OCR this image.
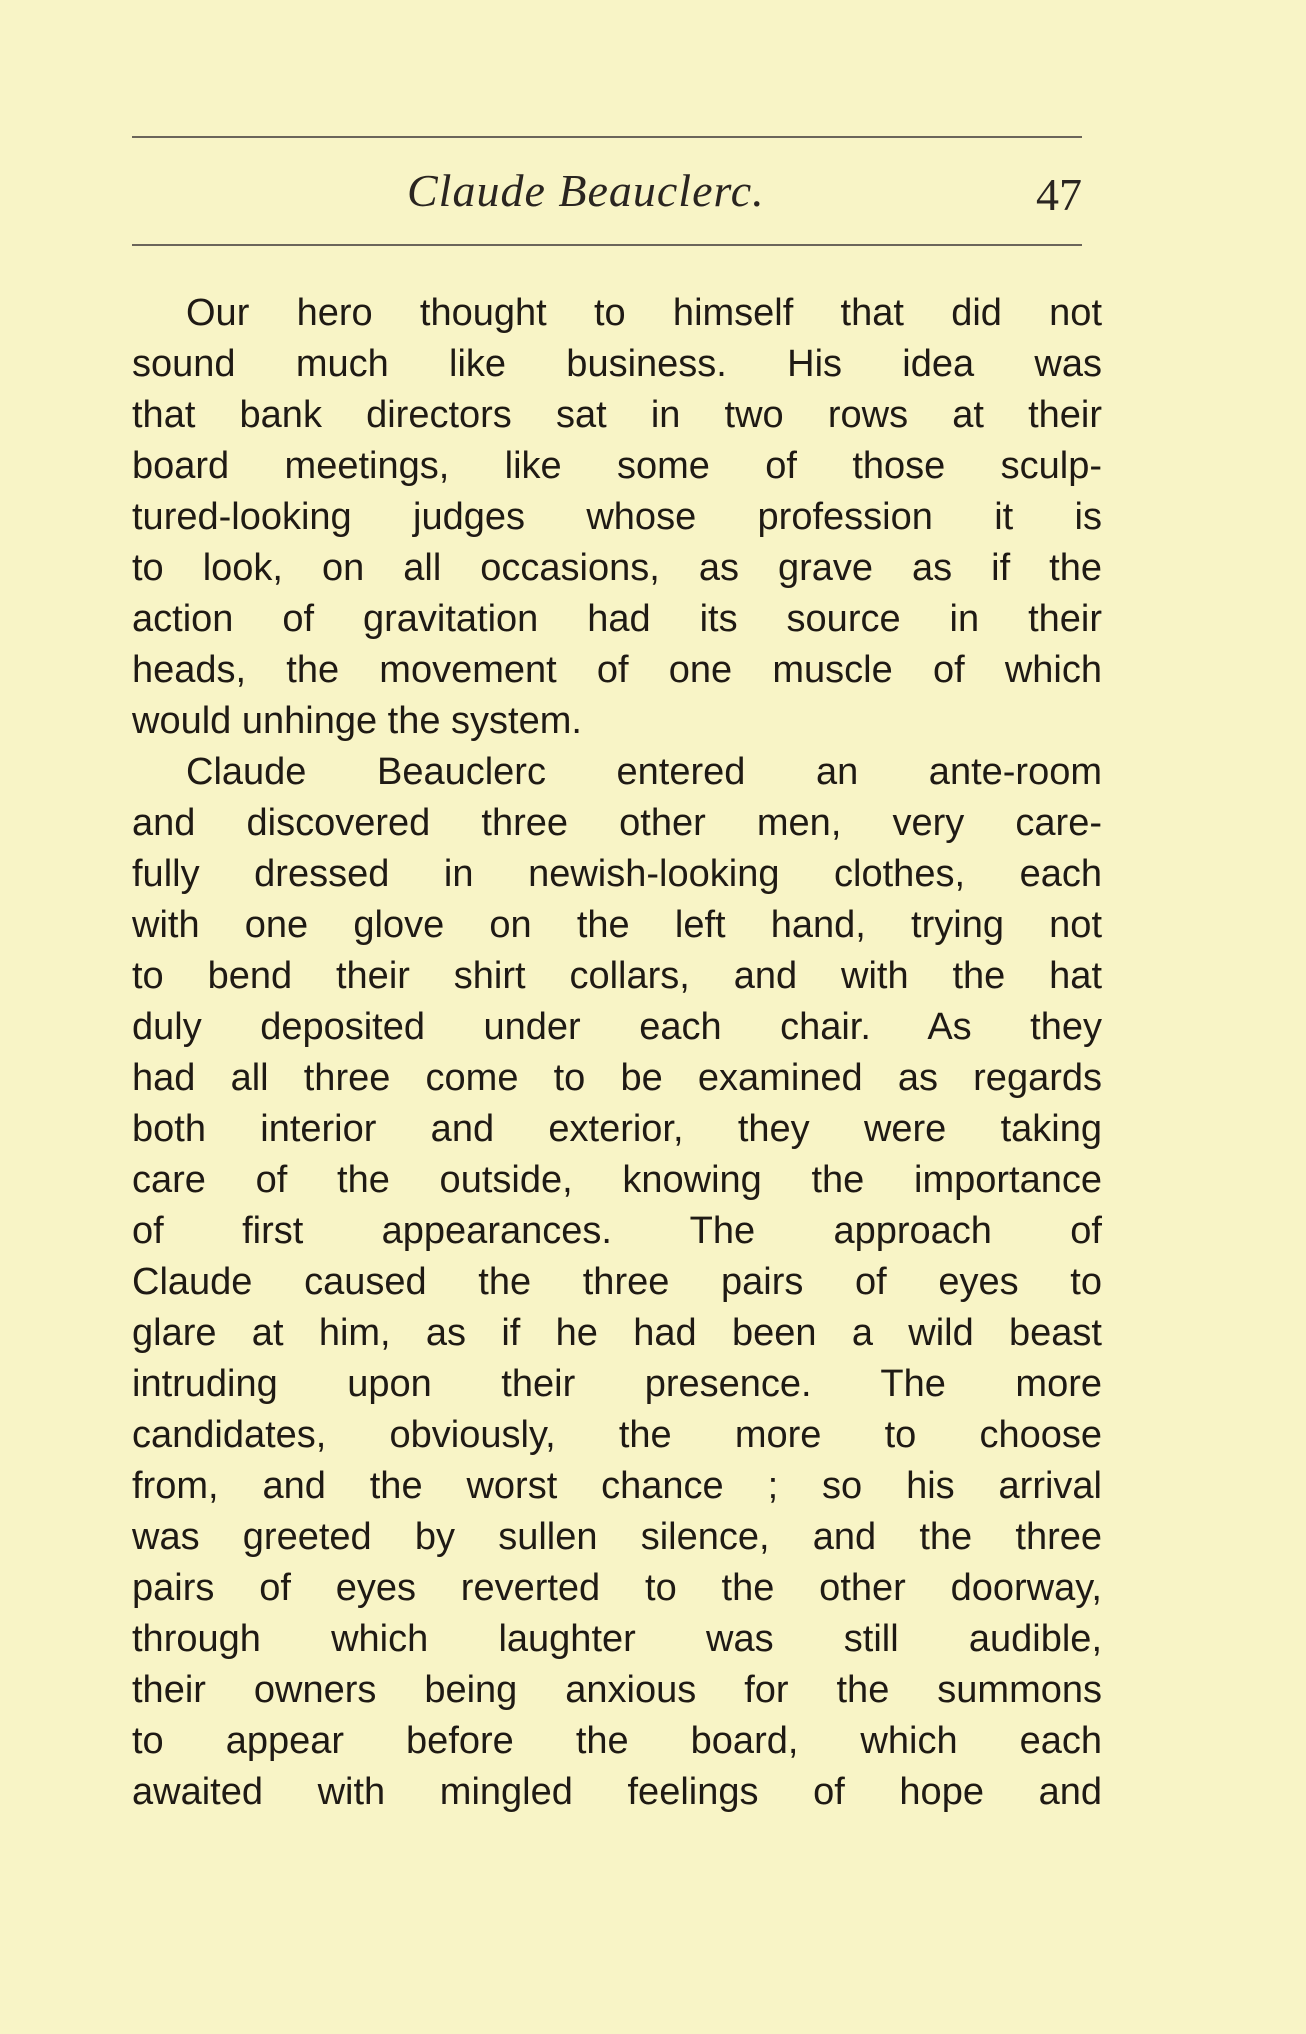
Claude Beauclerc.	47
Our hero thought to himself that did not
sound much like business. His idea was
that bank directors sat in two rows at their
board meetings, like some of those sculp-
tured-looking judges whose profession it is
to look, on all occasions, as grave as if the
action of gravitation had its source in their
heads, the movement of one muscle of which
would unhinge the system.
Claude Beauclerc entered an ante-room
and discovered three other men, very care-
fully dressed in newish-looking clothes, each
with one glove on the left hand, trying not
to bend their shirt collars, and with the hat
duly deposited under each chair. As they
had all three come to be examined as regards
both interior and exterior, they were taking
care of the outside, knowing the importance
of first appearances. The approach of
Claude caused the three pairs of eyes to
glare at him, as if he had been a wild beast
intruding upon their presence. The more
candidates, obviously, the more to choose
from, and the worst chance ; so his arrival
was greeted by sullen silence, and the three
pairs of eyes reverted to the other doorway,
through which laughter was still audible,
their owners being anxious for the summons
to appear before the board, which each
awaited with mingled feelings of hope and
